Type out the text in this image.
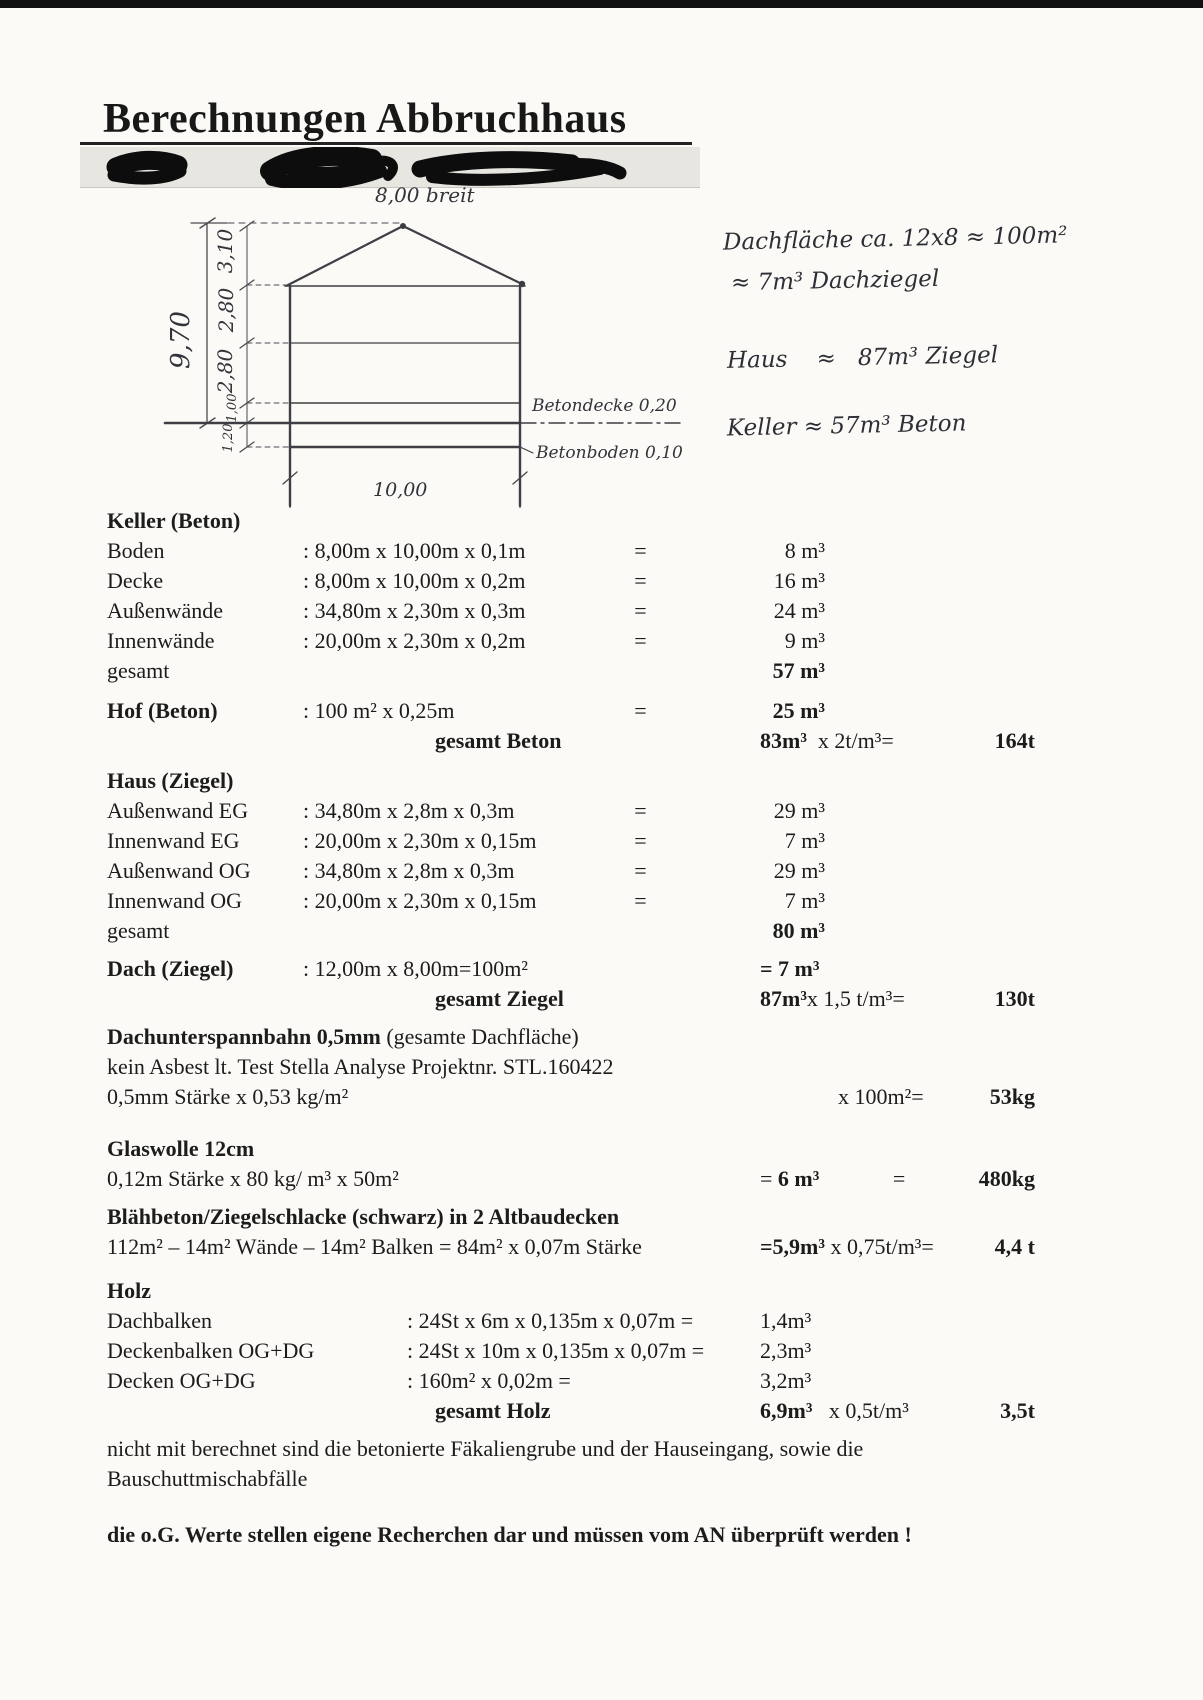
Berechnungen Abbruchhaus
8,00 breit
9,70
3,10
2,80
2,80
1,00
1,20
10,00
Betondecke 0,20
Betonboden 0,10
Dachfläche ca. 12x8 ≈ 100m²
≈ 7m³ Dachziegel
Haus    ≈   87m³ Ziegel
Keller ≈ 57m³ Beton
Keller (Beton)
Boden	: 8,00m x 10,00m x 0,1m	=	8 m³
Decke	: 8,00m x 10,00m x 0,2m	=	16 m³
Außenwände	: 34,80m x 2,30m x 0,3m	=	24 m³
Innenwände	: 20,00m x 2,30m x 0,2m	=	9 m³
gesamt	57 m³
Hof (Beton)	: 100 m² x 0,25m	=	25 m³
gesamt Beton	83m³  x 2t/m³=	164t
Haus (Ziegel)
Außenwand EG	: 34,80m x 2,8m x 0,3m	=	29 m³
Innenwand EG	: 20,00m x 2,30m x 0,15m	=	7 m³
Außenwand OG	: 34,80m x 2,8m x 0,3m	=	29 m³
Innenwand OG	: 20,00m x 2,30m x 0,15m	=	7 m³
gesamt	80 m³
Dach (Ziegel)	: 12,00m x 8,00m=100m²	= 7 m³
gesamt Ziegel	87m³x 1,5 t/m³=	130t
Dachunterspannbahn 0,5mm (gesamte Dachfläche)
kein Asbest lt. Test Stella Analyse Projektnr. STL.160422
0,5mm Stärke x 0,53 kg/m²	x 100m²=	53kg
Glaswolle 12cm
0,12m Stärke x 80 kg/ m³ x 50m²	= 6 m³	=	480kg
Blähbeton/Ziegelschlacke (schwarz) in 2 Altbaudecken
112m² – 14m² Wände – 14m² Balken = 84m² x 0,07m Stärke	=5,9m³ x 0,75t/m³=	4,4 t
Holz
Dachbalken	: 24St x 6m x 0,135m x 0,07m =	1,4m³
Deckenbalken OG+DG	: 24St x 10m x 0,135m x 0,07m =	2,3m³
Decken OG+DG	: 160m² x 0,02m =	3,2m³
gesamt Holz	6,9m³   x 0,5t/m³	3,5t
nicht mit berechnet sind die betonierte Fäkaliengrube und der Hauseingang, sowie die
Bauschuttmischabfälle
die o.G. Werte stellen eigene Recherchen dar und müssen vom AN überprüft werden !
